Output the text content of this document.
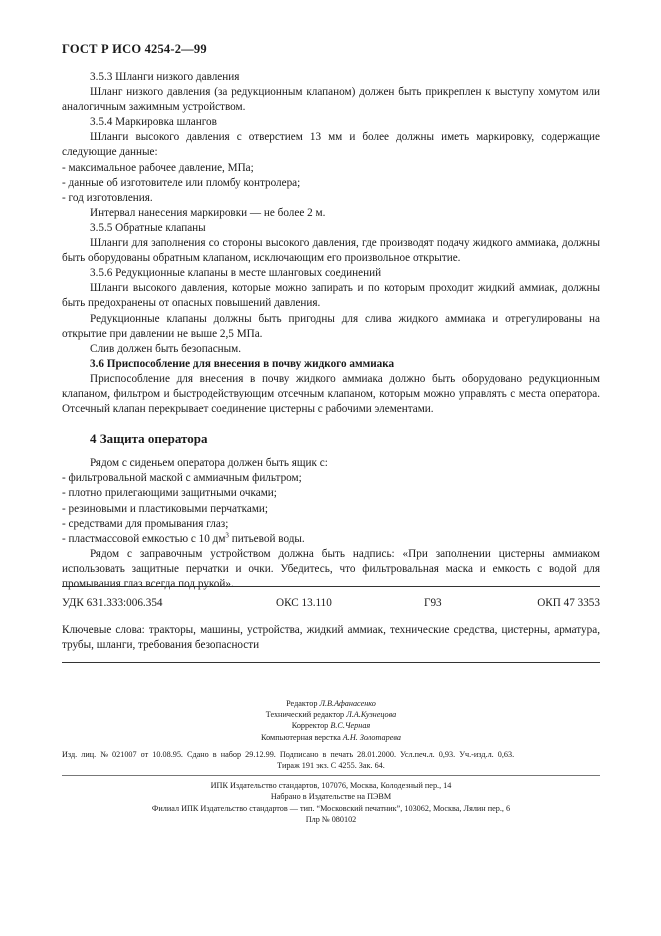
ГОСТ Р ИСО 4254-2—99

3.5.3 Шланги низкого давления

Шланг низкого давления (за редукционным клапаном) должен быть прикреплен к выступу хомутом или аналогичным зажимным устройством.

3.5.4 Маркировка шлангов

Шланги высокого давления с отверстием 13 мм и более должны иметь маркировку, содержащие следующие данные:

- максимальное рабочее давление, МПа;

- данные об изготовителе или пломбу контролера;

- год изготовления.

Интервал нанесения маркировки — не более 2 м.

3.5.5 Обратные клапаны

Шланги для заполнения со стороны высокого давления, где производят подачу жидкого аммиака, должны быть оборудованы обратным клапаном, исключающим его произвольное открытие.

3.5.6 Редукционные клапаны в месте шланговых соединений

Шланги высокого давления, которые можно запирать и по которым проходит жидкий аммиак, должны быть предохранены от опасных повышений давления.

Редукционные клапаны должны быть пригодны для слива жидкого аммиака и отрегулированы на открытие при давлении не выше 2,5 МПа.

Слив должен быть безопасным.

3.6 Приспособление для внесения в почву жидкого аммиака

Приспособление для внесения в почву жидкого аммиака должно быть оборудовано редукционным клапаном, фильтром и быстродействующим отсечным клапаном, которым можно управлять с места оператора. Отсечный клапан перекрывает соединение цистерны с рабочими элементами.

4 Защита оператора

Рядом с сиденьем оператора должен быть ящик с:

- фильтровальной маской с аммиачным фильтром;

- плотно прилегающими защитными очками;

- резиновыми и пластиковыми перчатками;

- средствами для промывания глаз;

- пластмассовой емкостью с 10 $дм^3$ питьевой воды.

Рядом с заправочным устройством должна быть надпись: «При заполнении цистерны аммиаком использовать защитные перчатки и очки. Убедитесь, что фильтровальная маска и емкость с водой для промывания глаз всегда под рукой».

УДК 631.333:006.354	ОКС 13.110	Г93	ОКП 47 3353
Ключевые слова: тракторы, машины, устройства, жидкий аммиак, технические средства, цистерны, арматура, трубы, шланги, требования безопасности

Редактор Л.В.Афанасенко

Технический редактор Л.А.Кузнецова

Корректор В.С.Черная

Компьютерная верстка А.Н. Золотарева

Изд. лиц. № 021007 от 10.08.95. Сдано в набор 29.12.99. Подписано в печать 28.01.2000. Усл.печ.л. 0,93. Уч.-изд.л. 0,63.

Тираж 191 экз. С 4255. Зак. 64.

ИПК Издательство стандартов, 107076, Москва, Колодезный пер., 14

Набрано в Издательстве на ПЭВМ

Филиал ИПК Издательство стандартов — тип. “Московский печатник”, 103062, Москва, Лялин пер., 6

Плр № 080102
